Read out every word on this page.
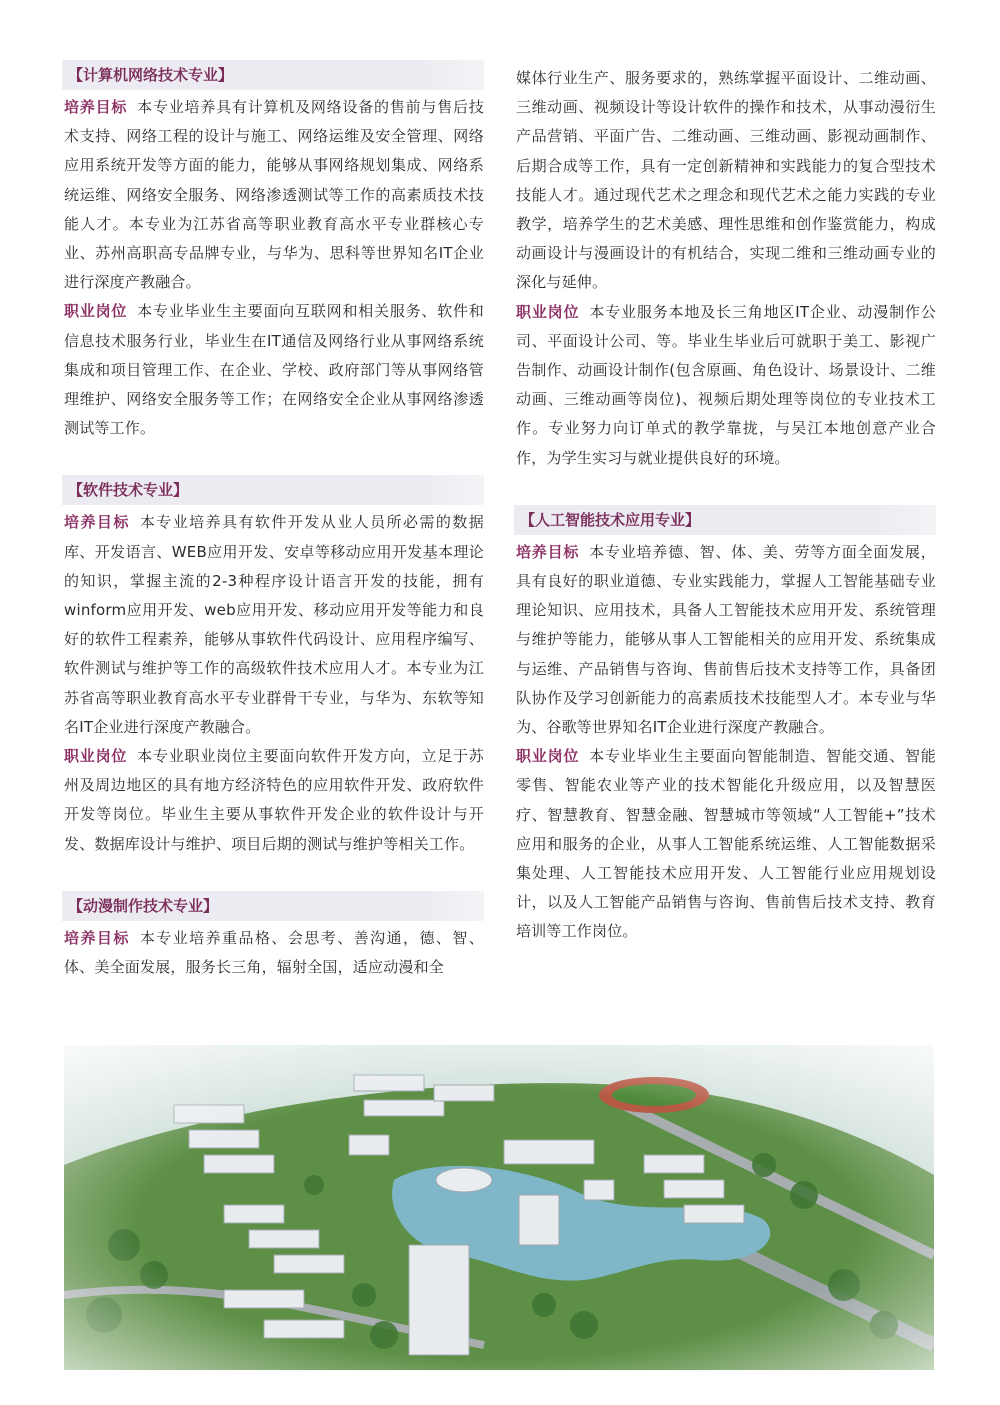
【计算机网络技术专业】

培养目标 本专业培养具有计算机及网络设备的售前与售后技术支持、网络工程的设计与施工、网络运维及安全管理、网络应用系统开发等方面的能力，能够从事网络规划集成、网络系统运维、网络安全服务、网络渗透测试等工作的高素质技术技能人才。本专业为江苏省高等职业教育高水平专业群核心专业、苏州高职高专品牌专业，与华为、思科等世界知名IT企业进行深度产教融合。

职业岗位 本专业毕业生主要面向互联网和相关服务、软件和信息技术服务行业，毕业生在IT通信及网络行业从事网络系统集成和项目管理工作、在企业、学校、政府部门等从事网络管理维护、网络安全服务等工作；在网络安全企业从事网络渗透测试等工作。

【软件技术专业】

培养目标 本专业培养具有软件开发从业人员所必需的数据库、开发语言、WEB应用开发、安卓等移动应用开发基本理论的知识，掌握主流的2-3种程序设计语言开发的技能，拥有winform应用开发、web应用开发、移动应用开发等能力和良好的软件工程素养，能够从事软件代码设计、应用程序编写、软件测试与维护等工作的高级软件技术应用人才。本专业为江苏省高等职业教育高水平专业群骨干专业，与华为、东软等知名IT企业进行深度产教融合。

职业岗位 本专业职业岗位主要面向软件开发方向，立足于苏州及周边地区的具有地方经济特色的应用软件开发、政府软件开发等岗位。毕业生主要从事软件开发企业的软件设计与开发、数据库设计与维护、项目后期的测试与维护等相关工作。

【动漫制作技术专业】

培养目标 本专业培养重品格、会思考、善沟通，德、智、体、美全面发展，服务长三角，辐射全国，适应动漫和全

媒体行业生产、服务要求的，熟练掌握平面设计、二维动画、三维动画、视频设计等设计软件的操作和技术，从事动漫衍生产品营销、平面广告、二维动画、三维动画、影视动画制作、后期合成等工作，具有一定创新精神和实践能力的复合型技术技能人才。通过现代艺术之理念和现代艺术之能力实践的专业教学，培养学生的艺术美感、理性思维和创作鉴赏能力，构成动画设计与漫画设计的有机结合，实现二维和三维动画专业的深化与延伸。

职业岗位 本专业服务本地及长三角地区IT企业、动漫制作公司、平面设计公司、等。毕业生毕业后可就职于美工、影视广告制作、动画设计制作(包含原画、角色设计、场景设计、二维动画、三维动画等岗位)、视频后期处理等岗位的专业技术工作。专业努力向订单式的教学靠拢，与吴江本地创意产业合作，为学生实习与就业提供良好的环境。

【人工智能技术应用专业】

培养目标 本专业培养德、智、体、美、劳等方面全面发展，具有良好的职业道德、专业实践能力，掌握人工智能基础专业理论知识、应用技术，具备人工智能技术应用开发、系统管理与维护等能力，能够从事人工智能相关的应用开发、系统集成与运维、产品销售与咨询、售前售后技术支持等工作，具备团队协作及学习创新能力的高素质技术技能型人才。本专业与华为、谷歌等世界知名IT企业进行深度产教融合。

职业岗位 本专业毕业生主要面向智能制造、智能交通、智能零售、智能农业等产业的技术智能化升级应用，以及智慧医疗、智慧教育、智慧金融、智慧城市等领域“人工智能+”技术应用和服务的企业，从事人工智能系统运维、人工智能数据采集处理、人工智能技术应用开发、人工智能行业应用规划设计，以及人工智能产品销售与咨询、售前售后技术支持、教育培训等工作岗位。
